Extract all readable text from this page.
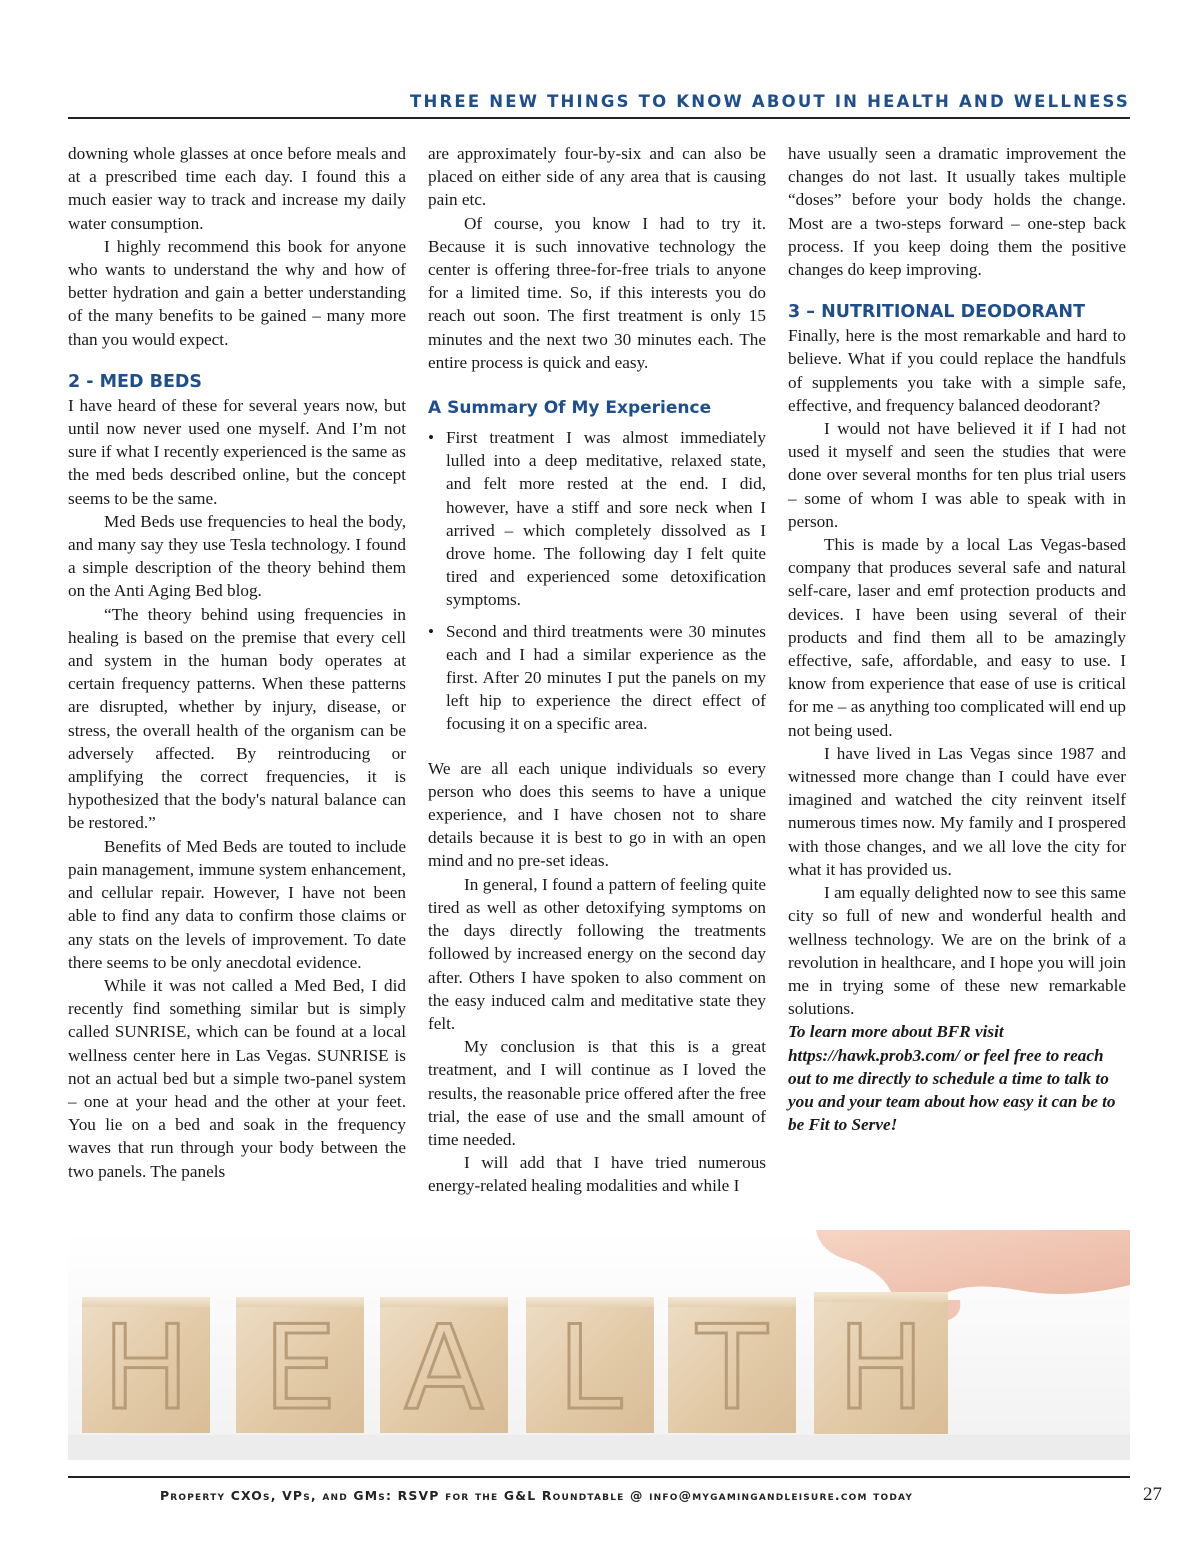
THREE NEW THINGS TO KNOW ABOUT IN HEALTH AND WELLNESS

downing whole glasses at once before meals and at a prescribed time each day. I found this a much easier way to track and increase my daily water consumption.

I highly recommend this book for anyone who wants to understand the why and how of better hydration and gain a better understanding of the many benefits to be gained – many more than you would expect.

2 - MED BEDS

I have heard of these for several years now, but until now never used one myself. And I’m not sure if what I recently experienced is the same as the med beds described online, but the concept seems to be the same.

Med Beds use frequencies to heal the body, and many say they use Tesla technology. I found a simple description of the theory behind them on the Anti Aging Bed blog.

“The theory behind using frequencies in healing is based on the premise that every cell and system in the human body operates at certain frequency patterns. When these patterns are disrupted, whether by injury, disease, or stress, the overall health of the organism can be adversely affected. By reintroducing or amplifying the correct frequencies, it is hypothesized that the body's natural balance can be restored.”

Benefits of Med Beds are touted to include pain management, immune system enhancement, and cellular repair. However, I have not been able to find any data to confirm those claims or any stats on the levels of improvement. To date there seems to be only anecdotal evidence.

While it was not called a Med Bed, I did recently find something similar but is simply called SUNRISE, which can be found at a local wellness center here in Las Vegas. SUNRISE is not an actual bed but a simple two-panel system – one at your head and the other at your feet. You lie on a bed and soak in the frequency waves that run through your body between the two panels. The panels

are approximately four-by-six and can also be placed on either side of any area that is causing pain etc.

Of course, you know I had to try it. Because it is such innovative technology the center is offering three-for-free trials to anyone for a limited time. So, if this interests you do reach out soon. The first treatment is only 15 minutes and the next two 30 minutes each. The entire process is quick and easy.

A Summary Of My Experience
• First treatment I was almost immediately lulled into a deep meditative, relaxed state, and felt more rested at the end. I did, however, have a stiff and sore neck when I arrived – which completely dissolved as I drove home. The following day I felt quite tired and experienced some detoxification symptoms.
• Second and third treatments were 30 minutes each and I had a similar experience as the first. After 20 minutes I put the panels on my left hip to experience the direct effect of focusing it on a specific area.

We are all each unique individuals so every person who does this seems to have a unique experience, and I have chosen not to share details because it is best to go in with an open mind and no pre-set ideas.

In general, I found a pattern of feeling quite tired as well as other detoxifying symptoms on the days directly following the treatments followed by increased energy on the second day after. Others I have spoken to also comment on the easy induced calm and meditative state they felt.

My conclusion is that this is a great treatment, and I will continue as I loved the results, the reasonable price offered after the free trial, the ease of use and the small amount of time needed.

I will add that I have tried numerous energy-related healing modalities and while I

have usually seen a dramatic improvement the changes do not last. It usually takes multiple “doses” before your body holds the change. Most are a two-steps forward – one-step back process. If you keep doing them the positive changes do keep improving.

3 – NUTRITIONAL DEODORANT

Finally, here is the most remarkable and hard to believe. What if you could replace the handfuls of supplements you take with a simple safe, effective, and frequency balanced deodorant?

I would not have believed it if I had not used it myself and seen the studies that were done over several months for ten plus trial users – some of whom I was able to speak with in person.

This is made by a local Las Vegas-based company that produces several safe and natural self-care, laser and emf protection products and devices. I have been using several of their products and find them all to be amazingly effective, safe, affordable, and easy to use. I know from experience that ease of use is critical for me – as anything too complicated will end up not being used.

I have lived in Las Vegas since 1987 and witnessed more change than I could have ever imagined and watched the city reinvent itself numerous times now. My family and I prospered with those changes, and we all love the city for what it has provided us.

I am equally delighted now to see this same city so full of new and wonderful health and wellness technology. We are on the brink of a revolution in healthcare, and I hope you will join me in trying some of these new remarkable solutions.

To learn more about BFR visit https://hawk.prob3.com/ or feel free to reach out to me directly to schedule a time to talk to you and your team about how easy it can be to be Fit to Serve!

H E A L T H
Property CXOs, VPs, and GMs: RSVP for the G&L Roundtable @ info@mygamingandleisure.com today	27
